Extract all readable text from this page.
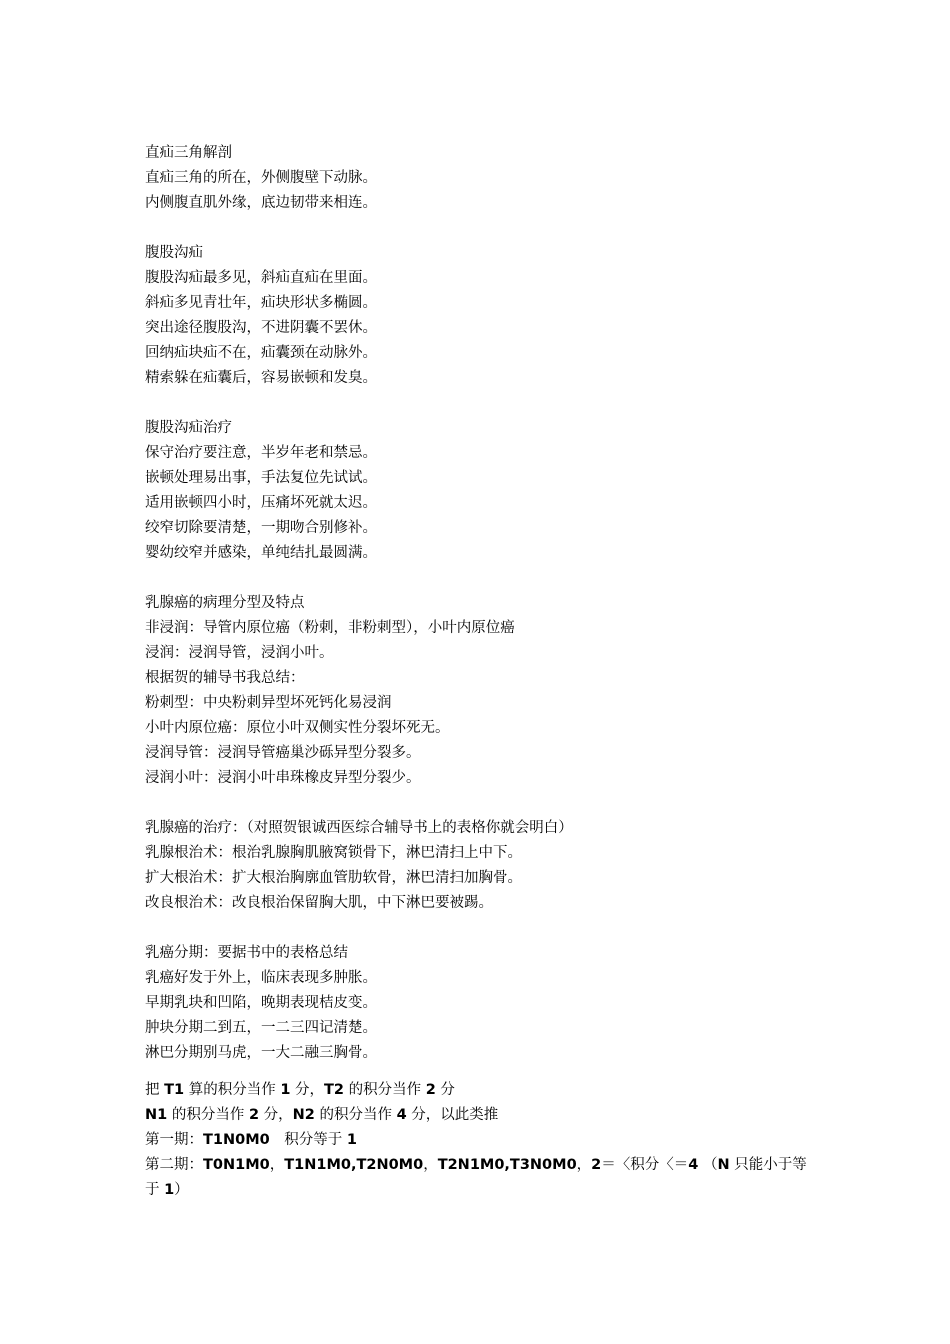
直疝三角解剖
直疝三角的所在，外侧腹壁下动脉。
内侧腹直肌外缘，底边韧带来相连。
腹股沟疝
腹股沟疝最多见，斜疝直疝在里面。
斜疝多见青壮年，疝块形状多椭圆。
突出途径腹股沟，不进阴囊不罢休。
回纳疝块疝不在，疝囊颈在动脉外。
精索躲在疝囊后，容易嵌顿和发臭。
腹股沟疝治疗
保守治疗要注意，半岁年老和禁忌。
嵌顿处理易出事，手法复位先试试。
适用嵌顿四小时，压痛坏死就太迟。
绞窄切除要清楚，一期吻合别修补。
婴幼绞窄并感染，单纯结扎最圆满。
乳腺癌的病理分型及特点
非浸润：导管内原位癌（粉刺，非粉刺型），小叶内原位癌
浸润：浸润导管，浸润小叶。
根据贺的辅导书我总结：
粉刺型：中央粉刺异型坏死钙化易浸润
小叶内原位癌：原位小叶双侧实性分裂坏死无。
浸润导管：浸润导管癌巢沙砾异型分裂多。
浸润小叶：浸润小叶串珠橡皮异型分裂少。
乳腺癌的治疗：（对照贺银诚西医综合辅导书上的表格你就会明白）
乳腺根治术：根治乳腺胸肌腋窝锁骨下，淋巴清扫上中下。
扩大根治术：扩大根治胸廓血管肋软骨，淋巴清扫加胸骨。
改良根治术：改良根治保留胸大肌，中下淋巴要被踢。
乳癌分期：要据书中的表格总结
乳癌好发于外上，临床表现多肿胀。
早期乳块和凹陷，晚期表现桔皮变。
肿块分期二到五，一二三四记清楚。
淋巴分期别马虎，一大二融三胸骨。
把 T1 算的积分当作 1 分，T2 的积分当作 2 分
N1 的积分当作 2 分，N2 的积分当作 4 分，以此类推
第一期：T1N0M0　积分等于 1
第二期：T0N1M0，T1N1M0,T2N0M0，T2N1M0,T3N0M0，2＝〈积分〈＝4 （N 只能小于等于 1）
